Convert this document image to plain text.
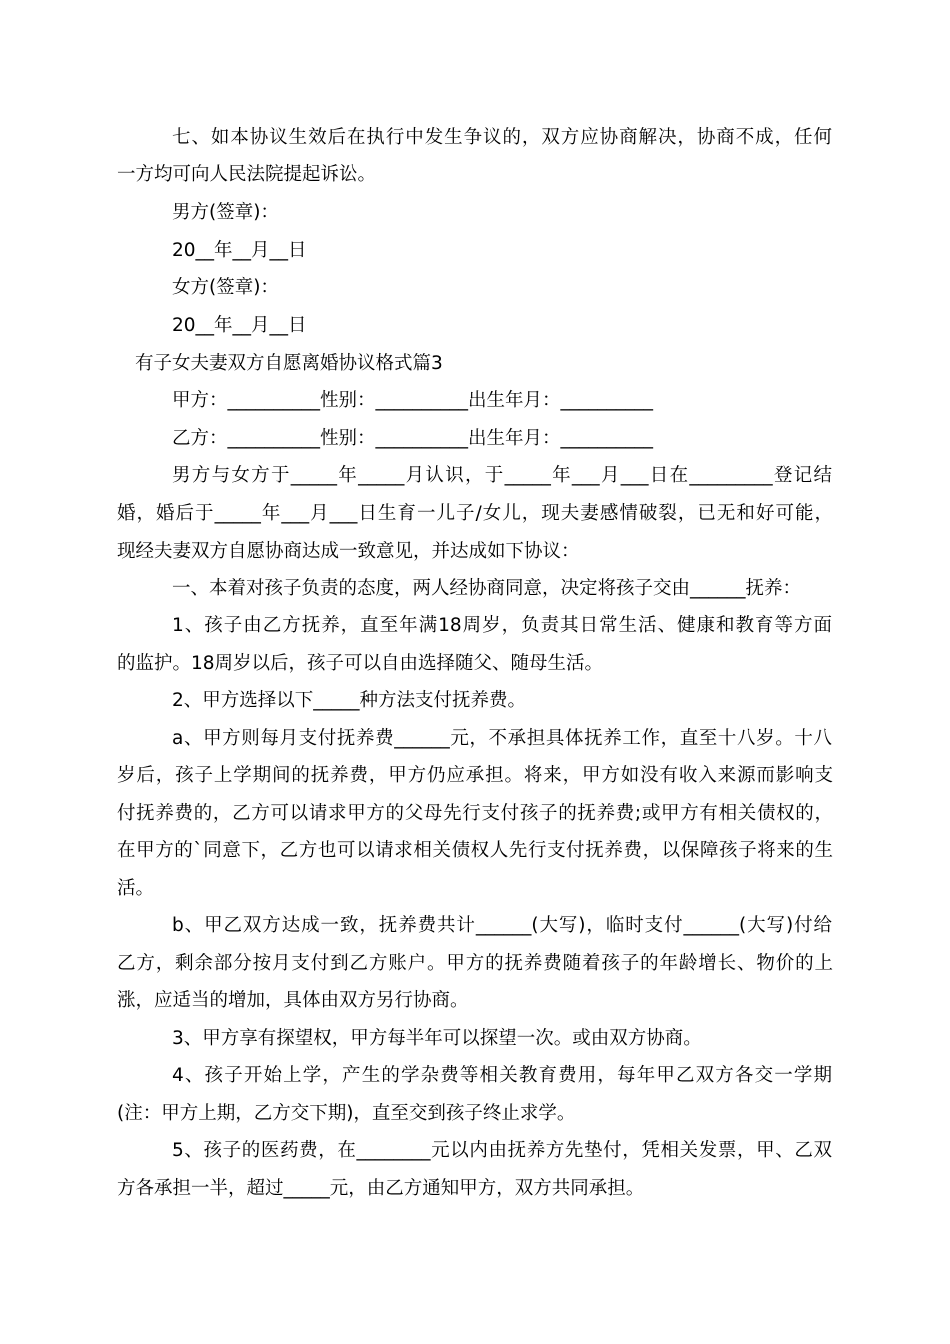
七、如本协议生效后在执行中发生争议的，双方应协商解决，协商不成，任何
一方均可向人民法院提起诉讼。
男方(签章)：
20__年__月__日
女方(签章)：
20__年__月__日
有子女夫妻双方自愿离婚协议格式篇3
甲方：__________性别：__________出生年月：__________
乙方：__________性别：__________出生年月：__________
男方与女方于_____年_____月认识，于_____年___月___日在_________登记结
婚，婚后于_____年___月___日生育一儿子/女儿，现夫妻感情破裂，已无和好可能，
现经夫妻双方自愿协商达成一致意见，并达成如下协议：
一、本着对孩子负责的态度，两人经协商同意，决定将孩子交由______抚养：
1、孩子由乙方抚养，直至年满18周岁，负责其日常生活、健康和教育等方面
的监护。18周岁以后，孩子可以自由选择随父、随母生活。
2、甲方选择以下_____种方法支付抚养费。
a、甲方则每月支付抚养费______元，不承担具体抚养工作，直至十八岁。十八
岁后，孩子上学期间的抚养费，甲方仍应承担。将来，甲方如没有收入来源而影响支
付抚养费的，乙方可以请求甲方的父母先行支付孩子的抚养费;或甲方有相关债权的，
在甲方的`同意下，乙方也可以请求相关债权人先行支付抚养费，以保障孩子将来的生
活。
b、甲乙双方达成一致，抚养费共计______(大写)，临时支付______(大写)付给
乙方，剩余部分按月支付到乙方账户。甲方的抚养费随着孩子的年龄增长、物价的上
涨，应适当的增加，具体由双方另行协商。
3、甲方享有探望权，甲方每半年可以探望一次。或由双方协商。
4、孩子开始上学，产生的学杂费等相关教育费用，每年甲乙双方各交一学期
(注：甲方上期，乙方交下期)，直至交到孩子终止求学。
5、孩子的医药费，在________元以内由抚养方先垫付，凭相关发票，甲、乙双
方各承担一半，超过_____元，由乙方通知甲方，双方共同承担。
